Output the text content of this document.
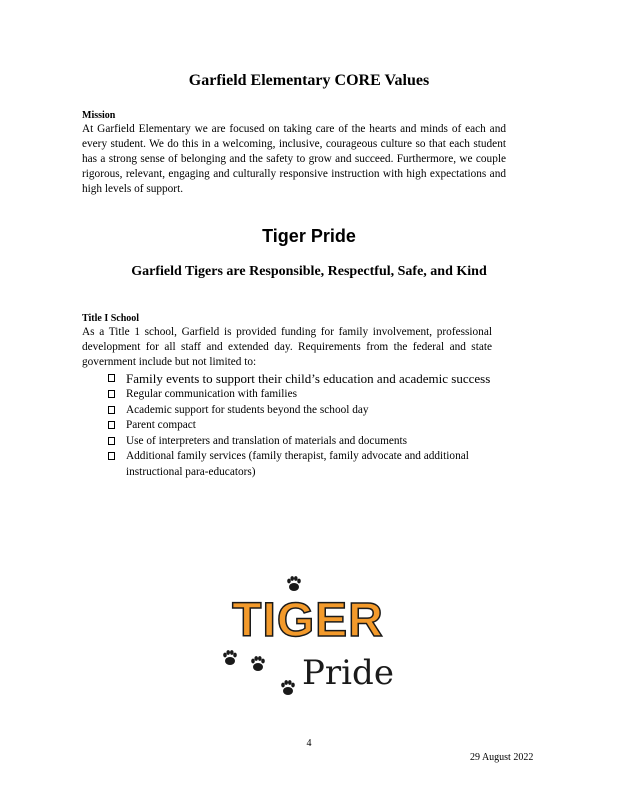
Garfield Elementary CORE Values
Mission
At Garfield Elementary we are focused on taking care of the hearts and minds of each and every student. We do this in a welcoming, inclusive, courageous culture so that each student has a strong sense of belonging and the safety to grow and succeed. Furthermore, we couple rigorous, relevant, engaging and culturally responsive instruction with high expectations and high levels of support.
Tiger Pride
Garfield Tigers are Responsible, Respectful, Safe, and Kind
Title I School
As a Title 1 school, Garfield is provided funding for family involvement, professional development for all staff and extended day. Requirements from the federal and state government include but not limited to:
Family events to support their child’s education and academic success
Regular communication with families
Academic support for students beyond the school day
Parent compact
Use of interpreters and translation of materials and documents
Additional family services (family therapist, family advocate and additional instructional para-educators)
TIGER
Pride
4
29 August 2022
